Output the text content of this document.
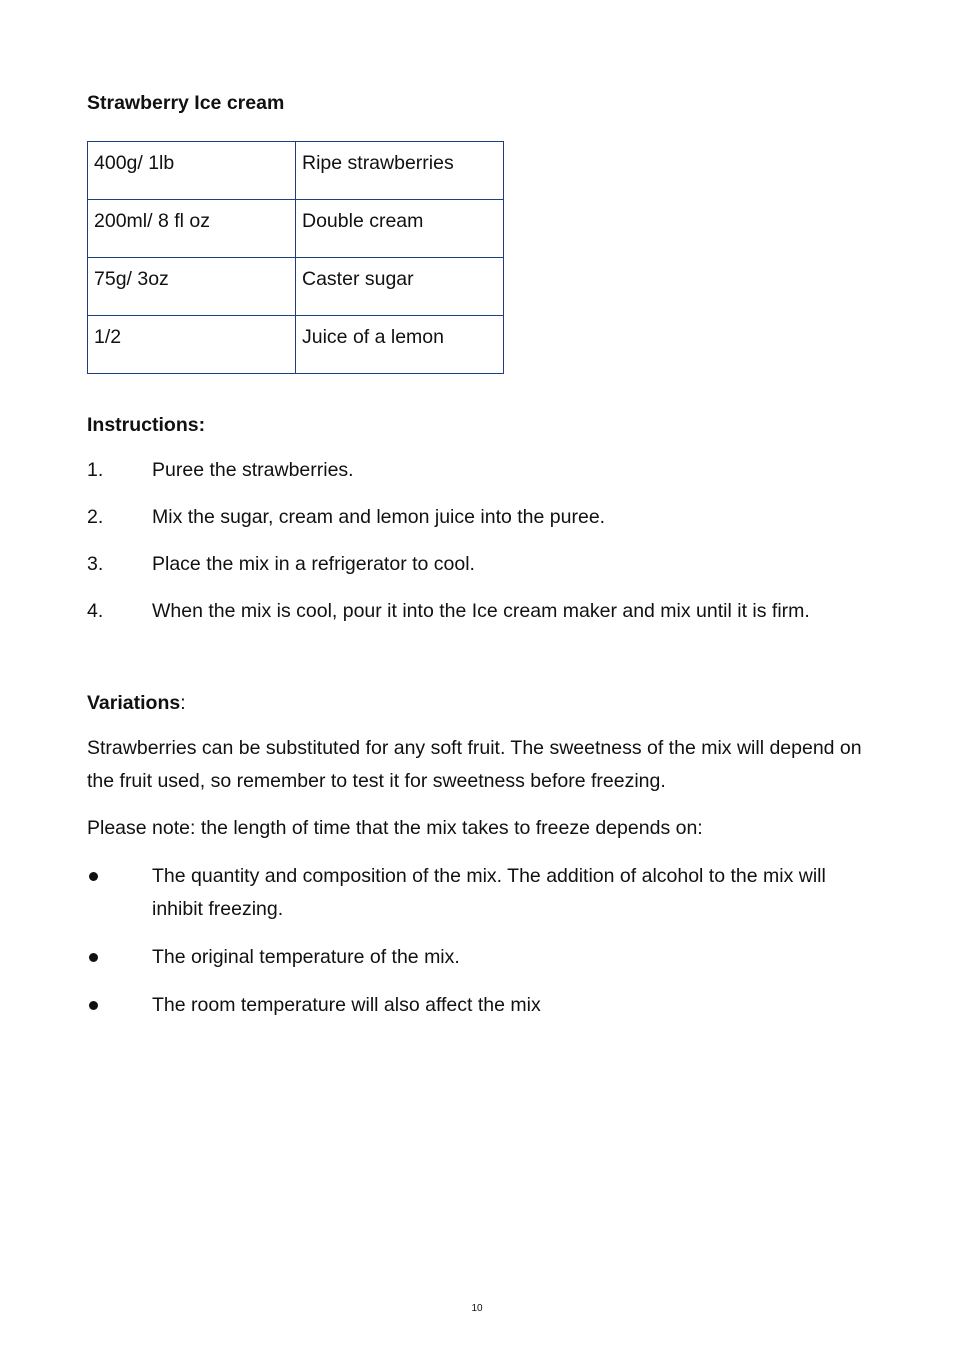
Strawberry Ice cream

400g/ 1lb	Ripe strawberries
200ml/ 8 fl oz	Double cream
75g/ 3oz	Caster sugar
1/2	Juice of a lemon
Instructions:
1.	Puree the strawberries.
2.	Mix the sugar, cream and lemon juice into the puree.
3.	Place the mix in a refrigerator to cool.
4.	When the mix is cool, pour it into the Ice cream maker and mix until it is firm.
Variations:

Strawberries can be substituted for any soft fruit. The sweetness of the mix will depend on the fruit used, so remember to test it for sweetness before freezing.

Please note: the length of time that the mix takes to freeze depends on:

The quantity and composition of the mix. The addition of alcohol to the mix will inhibit freezing.
The original temperature of the mix.
The room temperature will also affect the mix
10
